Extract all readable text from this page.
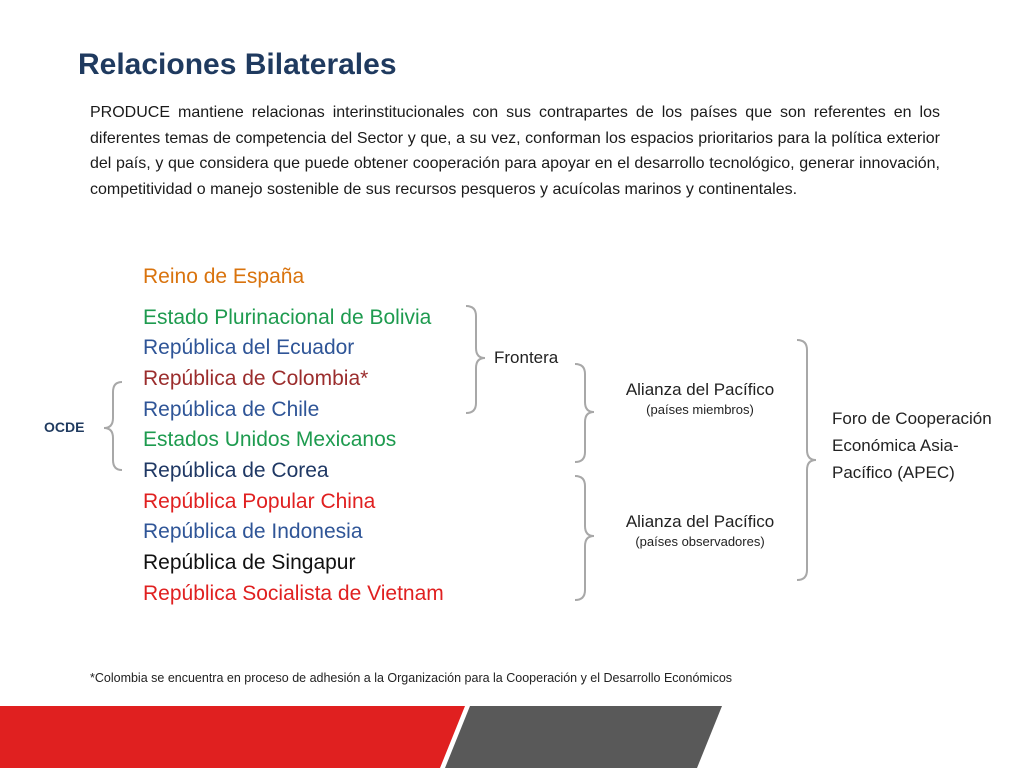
Relaciones Bilaterales

PRODUCE mantiene relacionas interinstitucionales con sus contrapartes de los países que son referentes en los diferentes temas de competencia del Sector y que, a su vez, conforman los espacios prioritarios para la política exterior del país, y que considera que puede obtener cooperación para apoyar en el desarrollo tecnológico, generar innovación, competitividad o manejo sostenible de sus recursos pesqueros y acuícolas marinos y continentales.

Reino de España
Estado Plurinacional de Bolivia
República del Ecuador
República de Colombia*
República de Chile
Estados Unidos Mexicanos
República de Corea
República Popular China
República de Indonesia
República de Singapur
República Socialista de Vietnam
OCDE
Frontera
Alianza del Pacífico
(países miembros)
Alianza del Pacífico
(países observadores)
Foro de Cooperación Económica Asia-Pacífico (APEC)
*Colombia se encuentra en proceso de adhesión a la Organización para la Cooperación y el Desarrollo Económicos
